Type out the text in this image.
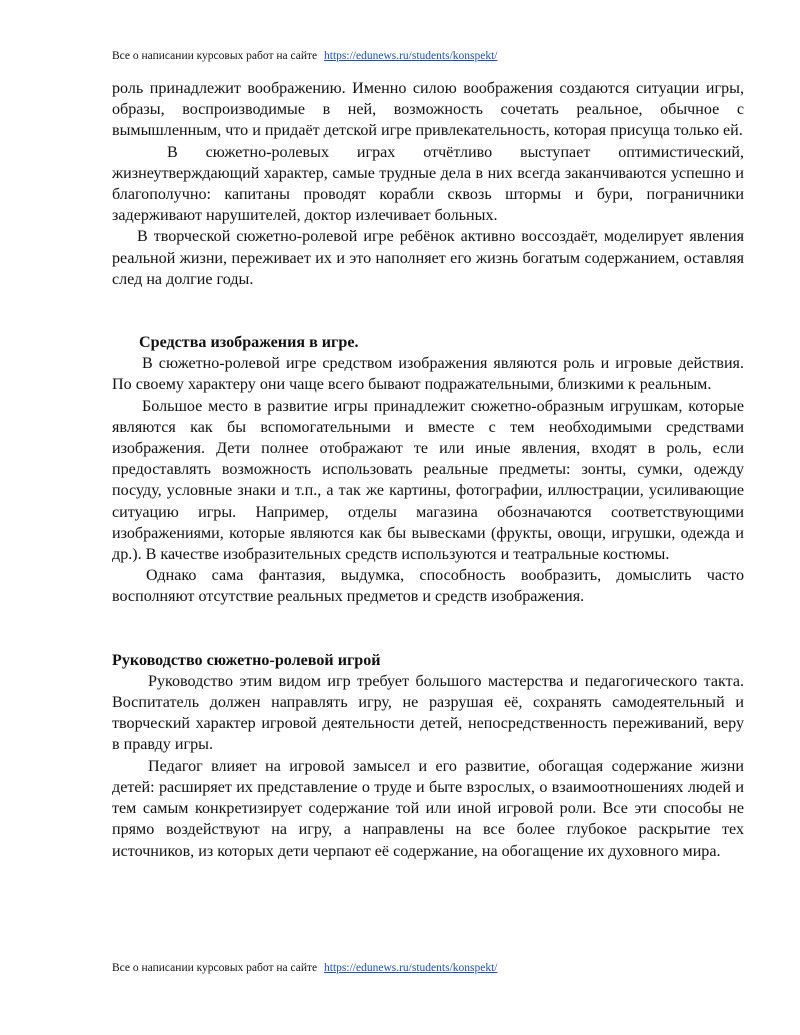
Все о написании курсовых работ на сайте https://edunews.ru/students/konspekt/

роль принадлежит воображению. Именно силою воображения создаются ситуации игры, образы, воспроизводимые в ней, возможность сочетать реальное, обычное с вымышленным, что и придаёт детской игре привлекательность, которая присуща только ей.

В сюжетно-ролевых играх отчётливо выступает оптимистический, жизнеутверждающий характер, самые трудные дела в них всегда заканчиваются успешно и благополучно: капитаны проводят корабли сквозь штормы и бури, пограничники задерживают нарушителей, доктор излечивает больных.

В творческой сюжетно-ролевой игре ребёнок активно воссоздаёт, моделирует явления реальной жизни, переживает их и это наполняет его жизнь богатым содержанием, оставляя след на долгие годы.

Средства изображения в игре.

В сюжетно-ролевой игре средством изображения являются роль и игровые действия. По своему характеру они чаще всего бывают подражательными, близкими к реальным.

Большое место в развитие игры принадлежит сюжетно-образным игрушкам, которые являются как бы вспомогательными и вместе с тем необходимыми средствами изображения. Дети полнее отображают те или иные явления, входят в роль, если предоставлять возможность использовать реальные предметы: зонты, сумки, одежду посуду, условные знаки и т.п., а так же картины, фотографии, иллюстрации, усиливающие ситуацию игры. Например, отделы магазина обозначаются соответствующими изображениями, которые являются как бы вывесками (фрукты, овощи, игрушки, одежда и др.). В качестве изобразительных средств используются и театральные костюмы.

Однако сама фантазия, выдумка, способность вообразить, домыслить часто восполняют отсутствие реальных предметов и средств изображения.

Руководство сюжетно-ролевой игрой

Руководство этим видом игр требует большого мастерства и педагогического такта. Воспитатель должен направлять игру, не разрушая её, сохранять самодеятельный и творческий характер игровой деятельности детей, непосредственность переживаний, веру в правду игры.

Педагог влияет на игровой замысел и его развитие, обогащая содержание жизни детей: расширяет их представление о труде и быте взрослых, о взаимоотношениях людей и тем самым конкретизирует содержание той или иной игровой роли. Все эти способы не прямо воздействуют на игру, а направлены на все более глубокое раскрытие тех источников, из которых дети черпают её содержание, на обогащение их духовного мира.

Все о написании курсовых работ на сайте https://edunews.ru/students/konspekt/
